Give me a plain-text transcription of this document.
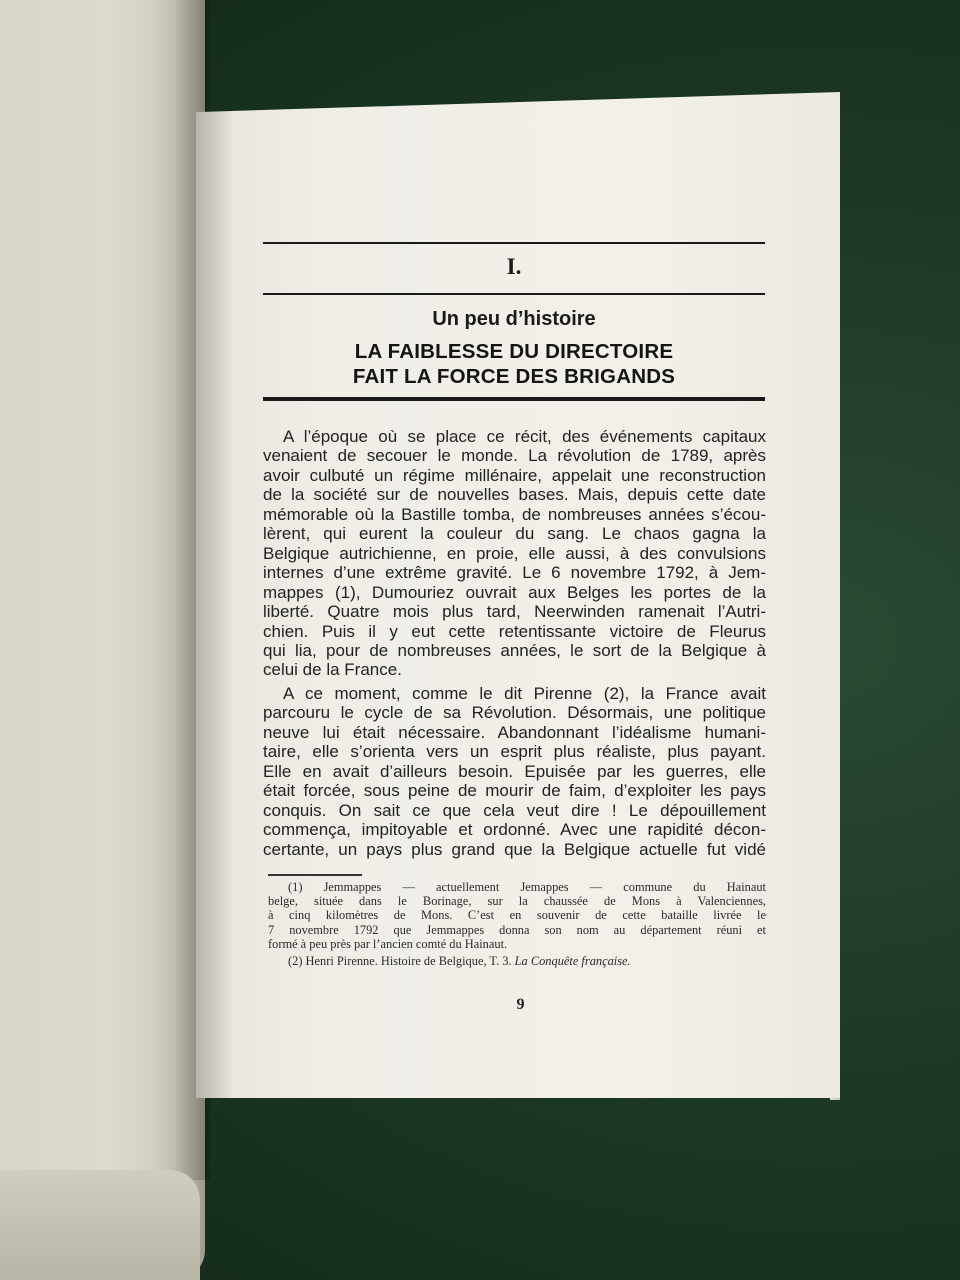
I.
Un peu d’histoire
LA FAIBLESSE DU DIRECTOIRE
FAIT LA FORCE DES BRIGANDS
A l’époque où se place ce récit, des événements capitaux
venaient de secouer le monde. La révolution de 1789, après
avoir culbuté un régime millénaire, appelait une reconstruction
de la société sur de nouvelles bases. Mais, depuis cette date
mémorable où la Bastille tomba, de nombreuses années s’écou-
lèrent, qui eurent la couleur du sang. Le chaos gagna la
Belgique autrichienne, en proie, elle aussi, à des convulsions
internes d’une extrême gravité. Le 6 novembre 1792, à Jem-
mappes (1), Dumouriez ouvrait aux Belges les portes de la
liberté. Quatre mois plus tard, Neerwinden ramenait l’Autri-
chien. Puis il y eut cette retentissante victoire de Fleurus
qui lia, pour de nombreuses années, le sort de la Belgique à
celui de la France.
A ce moment, comme le dit Pirenne (2), la France avait
parcouru le cycle de sa Révolution. Désormais, une politique
neuve lui était nécessaire. Abandonnant l’idéalisme humani-
taire, elle s’orienta vers un esprit plus réaliste, plus payant.
Elle en avait d’ailleurs besoin. Epuisée par les guerres, elle
était forcée, sous peine de mourir de faim, d’exploiter les pays
conquis. On sait ce que cela veut dire ! Le dépouillement
commença, impitoyable et ordonné. Avec une rapidité décon-
certante, un pays plus grand que la Belgique actuelle fut vidé
(1) Jemmappes — actuellement Jemappes — commune du Hainaut
belge, située dans le Borinage, sur la chaussée de Mons à Valenciennes,
à cinq kilomètres de Mons. C’est en souvenir de cette bataille livrée le
7 novembre 1792 que Jemmappes donna son nom au département réuni et
formé à peu près par l’ancien comté du Hainaut.
(2) Henri Pirenne. Histoire de Belgique, T. 3. La Conquête française.
9
